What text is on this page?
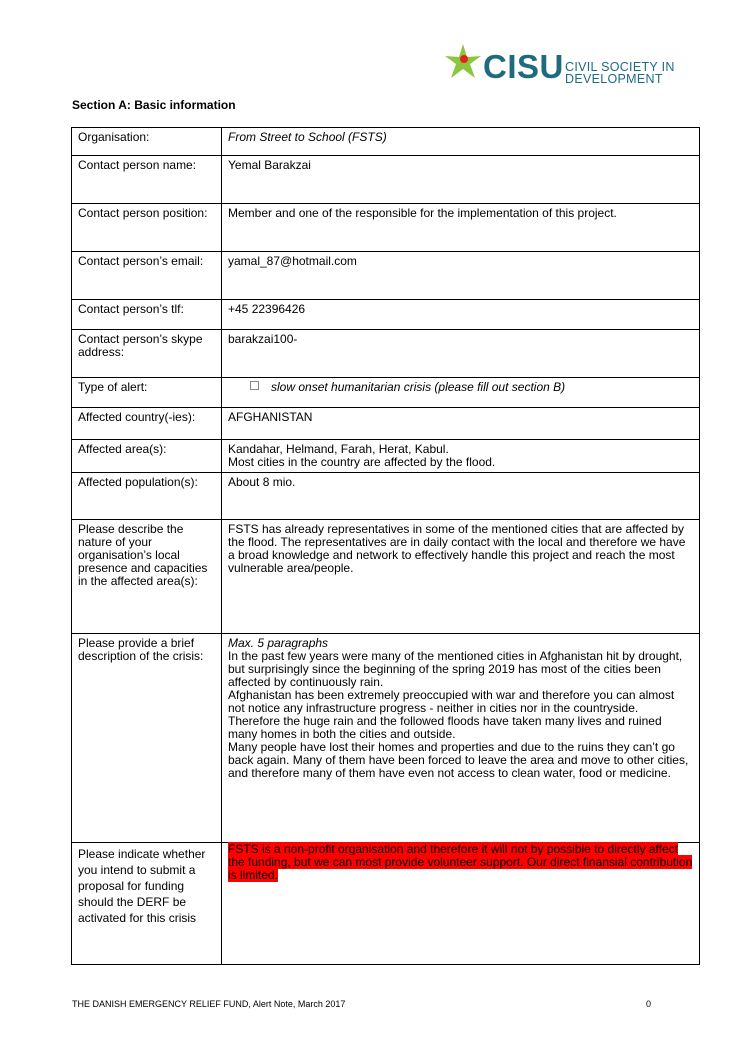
CISU CIVIL SOCIETY IN
DEVELOPMENT
Section A: Basic information
Organisation:	From Street to School (FSTS)
Contact person name:	Yemal Barakzai
Contact person position:	Member and one of the responsible for the implementation of this project.
Contact person’s email:	yamal_87@hotmail.com
Contact person’s tlf:	+45 22396426
Contact person’s skype address:	barakzai100-
Type of alert:	slow onset humanitarian crisis (please fill out section B)
Affected country(-ies):	AFGHANISTAN
Affected area(s):	Kandahar, Helmand, Farah, Herat, Kabul.
Most cities in the country are affected by the flood.

Affected population(s):	About 8 mio.
Please describe the nature of your organisation’s local presence and capacities in the affected area(s):	FSTS has already representatives in some of the mentioned cities that are affected by the flood. The representatives are in daily contact with the local and therefore we have a broad knowledge and network to effectively handle this project and reach the most vulnerable area/people.
Please provide a brief description of the crisis:	Max. 5 paragraphs
In the past few years were many of the mentioned cities in Afghanistan hit by drought, but surprisingly since the beginning of the spring 2019 has most of the cities been affected by continuously rain.
Afghanistan has been extremely preoccupied with war and therefore you can almost not notice any infrastructure progress - neither in cities nor in the countryside.
Therefore the huge rain and the followed floods have taken many lives and ruined many homes in both the cities and outside.
Many people have lost their homes and properties and due to the ruins they can’t go back again. Many of them have been forced to leave the area and move to other cities, and therefore many of them have even not access to clean water, food or medicine.

Please indicate whether you intend to submit a proposal for funding should the DERF be activated for this crisis	FSTS is a non-profit organisation and therefore it will not by possible to directly affect the funding, but we can most provide volunteer support. Our direct finansial contribution is limited.
THE DANISH EMERGENCY RELIEF FUND, Alert Note, March 2017	0
